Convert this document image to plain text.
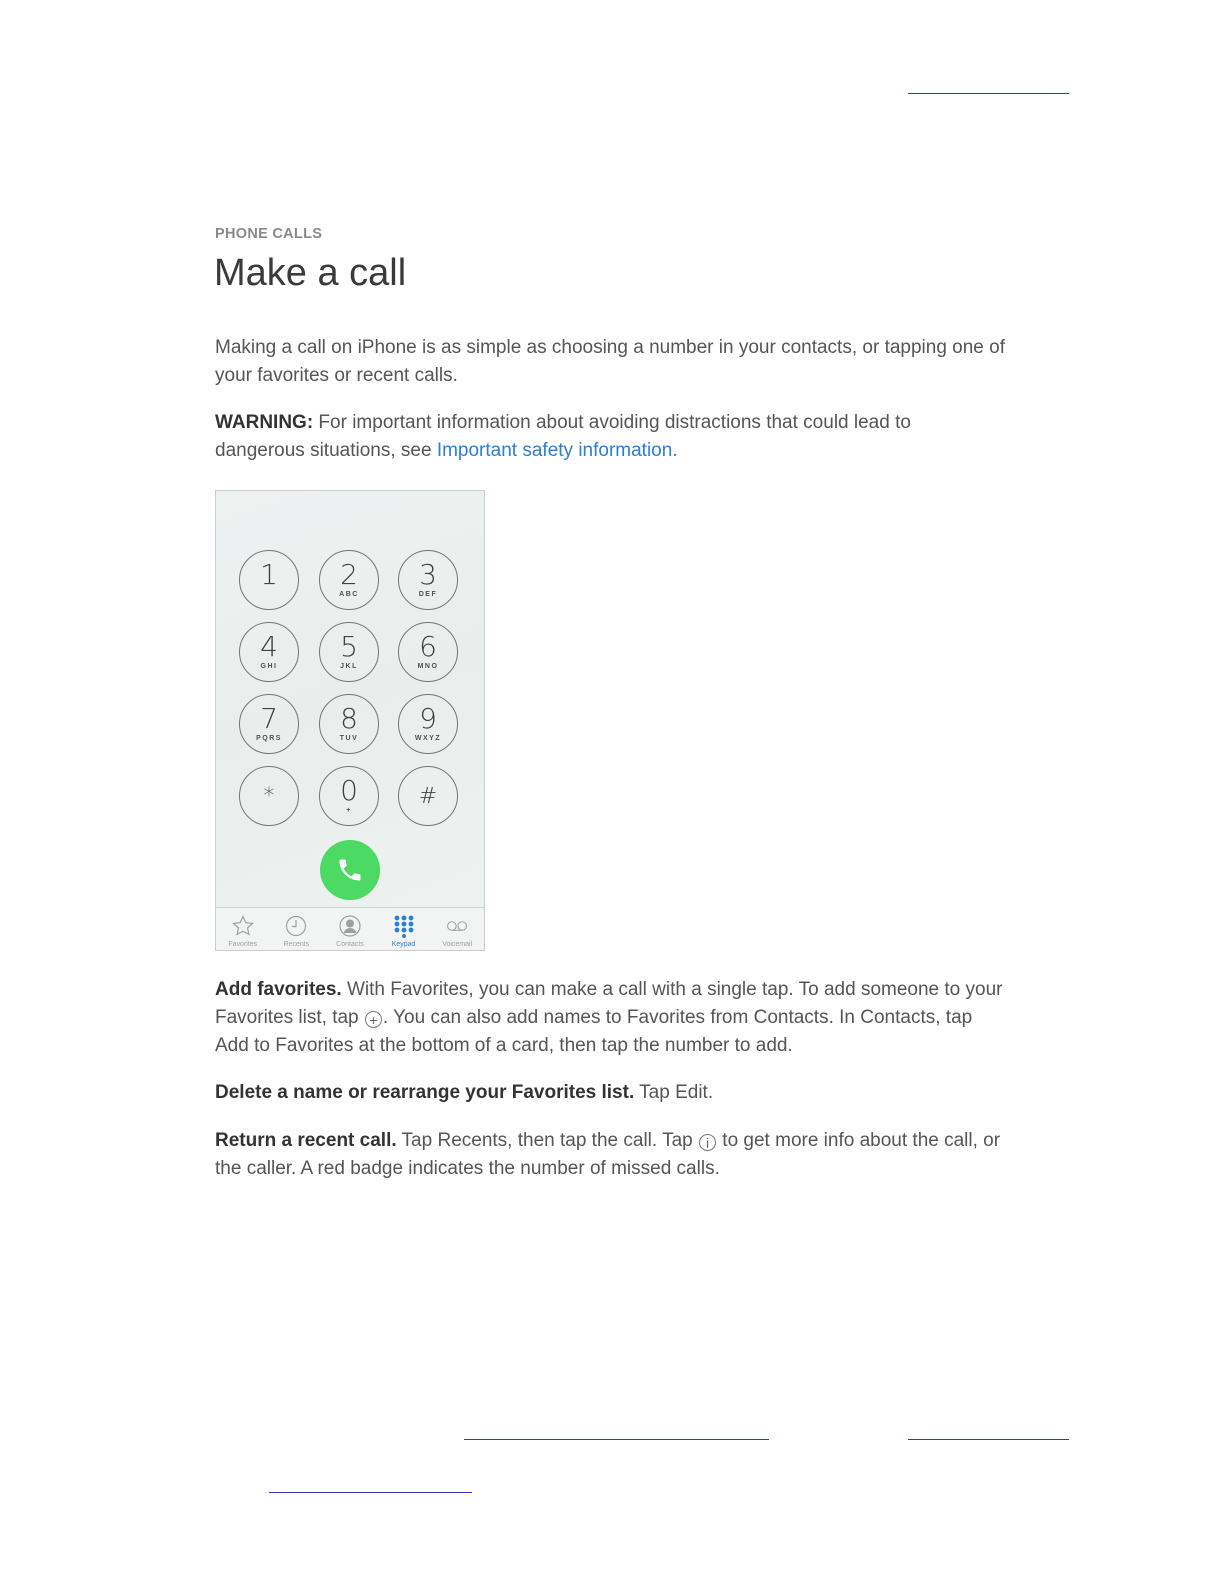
PHONE CALLS
Make a call

Making a call on iPhone is as simple as choosing a number in your contacts, or tapping one of your favorites or recent calls.

WARNING: For important information about avoiding distractions that could lead to dangerous situations, see Important safety information.

1	2
ABC
3
DEF
4
GHI
5
JKL
6
MNO
7
PQRS
8
TUV
9
WXYZ
*	0
+
#
Favorites	Recents	Contacts	Keypad	Voicemail

Add favorites. With Favorites, you can make a call with a single tap. To add someone to your Favorites list, tap + . You can also add names to Favorites from Contacts. In Contacts, tap Add to Favorites at the bottom of a card, then tap the number to add.

Delete a name or rearrange your Favorites list. Tap Edit.

Return a recent call. Tap Recents, then tap the call. Tap i to get more info about the call, or the caller. A red badge indicates the number of missed calls.
